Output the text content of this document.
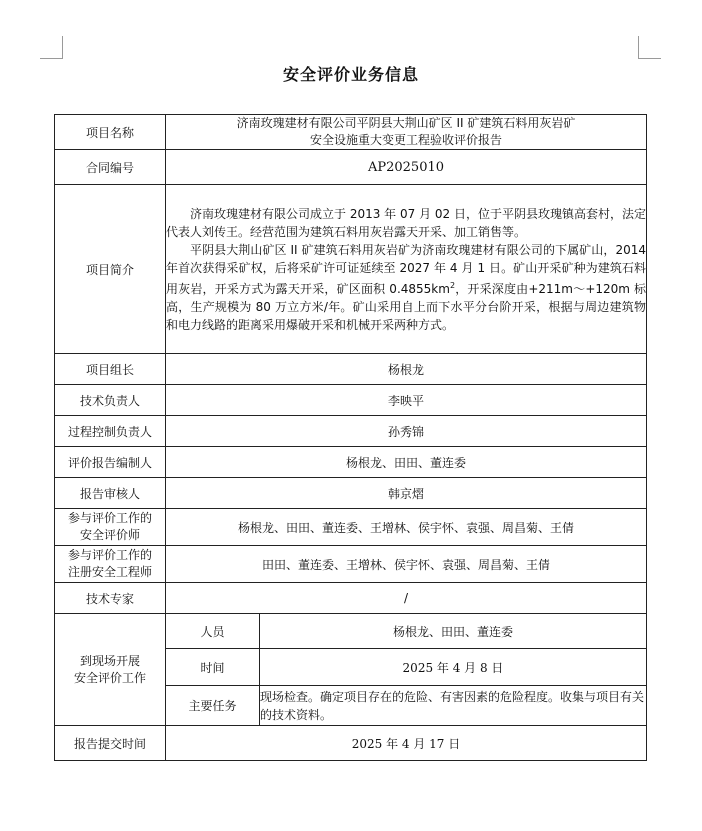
安全评价业务信息
项目名称	济南玫瑰建材有限公司平阴县大荆山矿区 II 矿建筑石料用灰岩矿
安全设施重大变更工程验收评价报告	

合同编号	AP2025010	
项目简介	济南玫瑰建材有限公司成立于 2013 年 07 月 02 日，位于平阴县玫瑰镇高套村，法定代表人刘传王。经营范围为建筑石料用灰岩露天开采、加工销售等。

平阴县大荆山矿区 II 矿建筑石料用灰岩矿为济南玫瑰建材有限公司的下属矿山，2014 年首次获得采矿权，后将采矿许可证延续至 2027 年 4 月 1 日。矿山开采矿种为建筑石料用灰岩，开采方式为露天开采，矿区面积 $0.4855km^2$，开采深度由+211m～+120m 标高，生产规模为 80 万立方米/年。矿山采用自上而下水平分台阶开采，根据与周边建筑物和电力线路的距离采用爆破开采和机械开采两种方式。	

项目组长	杨根龙	
技术负责人	李映平	
过程控制负责人	孙秀锦	
评价报告编制人	杨根龙、田田、董连委	
报告审核人	韩京熠	

参与评价工作的
安全评价师	杨根龙、田田、董连委、王增林、侯宇怀、袁强、周昌菊、王倩	

参与评价工作的
注册安全工程师	田田、董连委、王增林、侯宇怀、袁强、周昌菊、王倩	
技术专家	/	

到现场开展
安全评价工作	人员	杨根龙、田田、董连委
	时间	2025 年 4 月 8 日
	主要任务	现场检查。确定项目存在的危险、有害因素的危险程度。收集与项目有关的技术资料。
报告提交时间	2025 年 4 月 17 日	
